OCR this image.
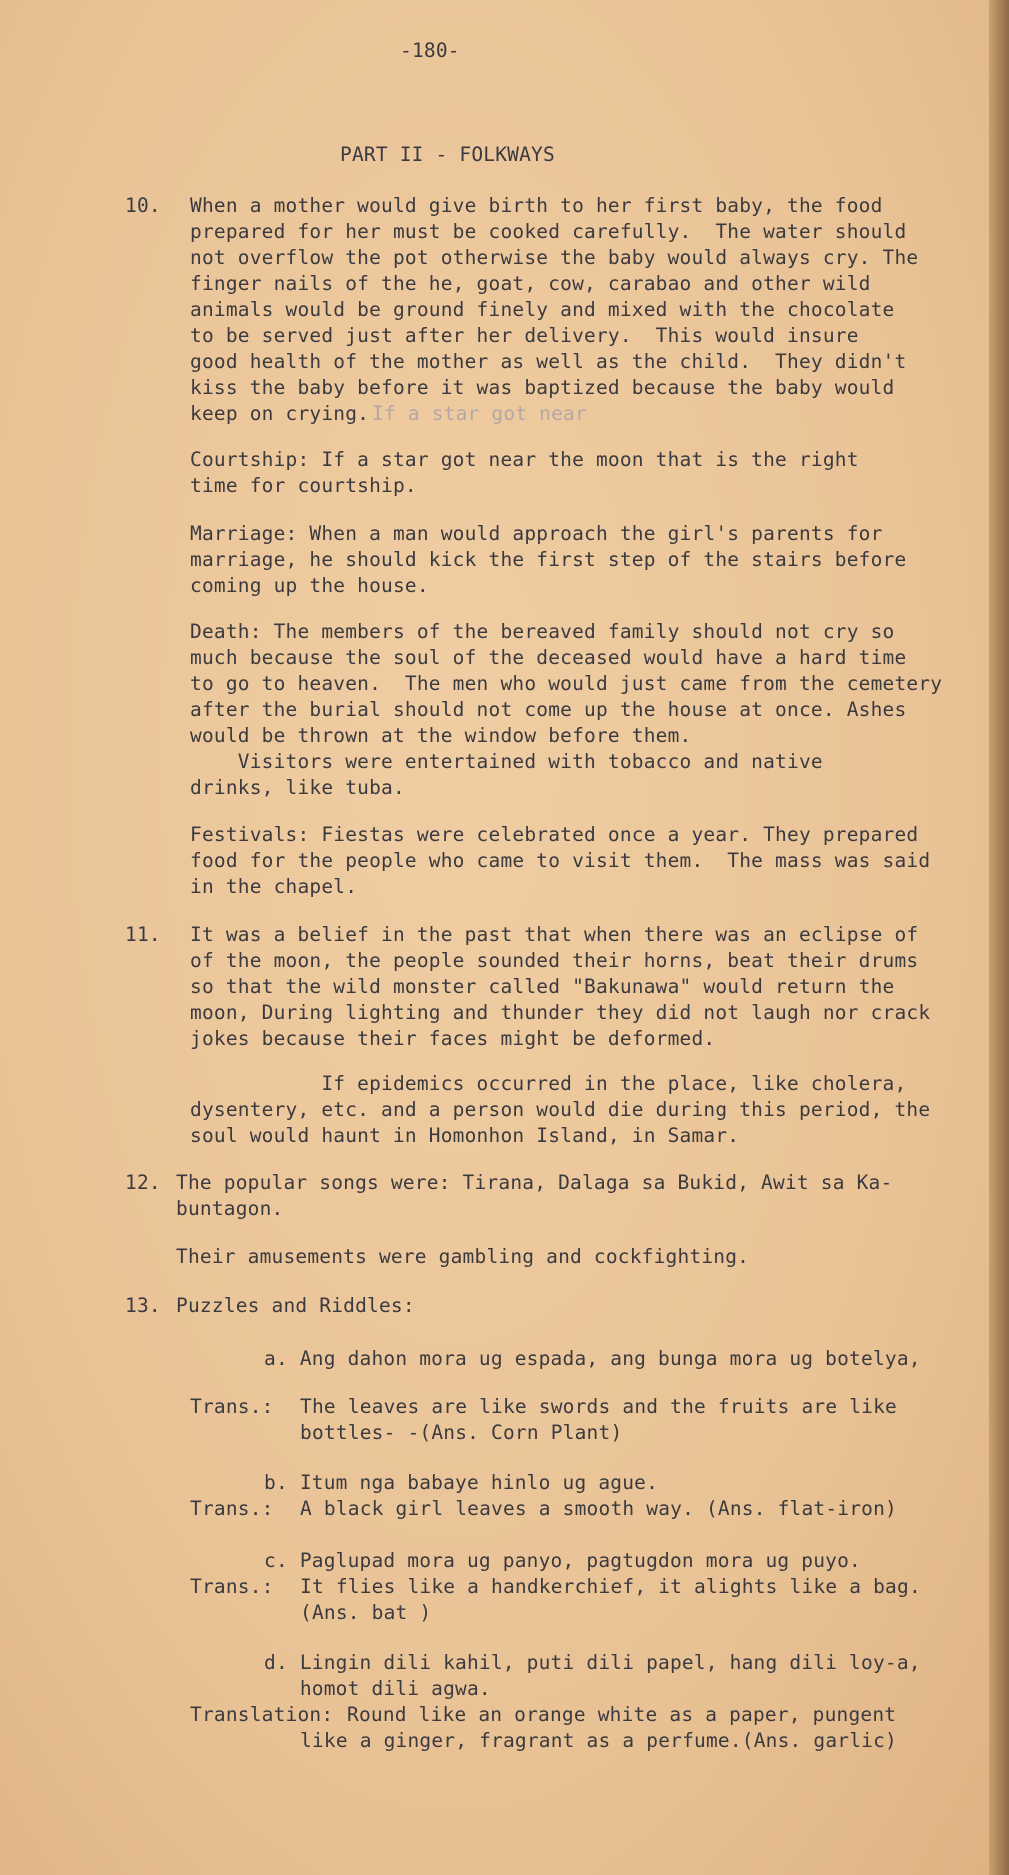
-180-
PART II - FOLKWAYS
10. When a mother would give birth to her first baby, the food
prepared for her must be cooked carefully.  The water should
not overflow the pot otherwise the baby would always cry. The
finger nails of the he, goat, cow, carabao and other wild
animals would be ground finely and mixed with the chocolate
to be served just after her delivery.  This would insure
good health of the mother as well as the child.  They didn't
kiss the baby before it was baptized because the baby would
keep on crying. If a star got near
Courtship: If a star got near the moon that is the right
time for courtship.
Marriage: When a man would approach the girl's parents for
marriage, he should kick the first step of the stairs before
coming up the house.
Death: The members of the bereaved family should not cry so
much because the soul of the deceased would have a hard time
to go to heaven.  The men who would just came from the cemetery
after the burial should not come up the house at once. Ashes
would be thrown at the window before them.
Visitors were entertained with tobacco and native
drinks, like tuba.
Festivals: Fiestas were celebrated once a year. They prepared
food for the people who came to visit them.  The mass was said
in the chapel.
11. It was a belief in the past that when there was an eclipse of
of the moon, the people sounded their horns, beat their drums
so that the wild monster called "Bakunawa" would return the
moon, During lighting and thunder they did not laugh nor crack
jokes because their faces might be deformed.
If epidemics occurred in the place, like cholera,
dysentery, etc. and a person would die during this period, the
soul would haunt in Homonhon Island, in Samar.
12. The popular songs were: Tirana, Dalaga sa Bukid, Awit sa Ka-
buntagon.
Their amusements were gambling and cockfighting.
13. Puzzles and Riddles:
a. Ang dahon mora ug espada, ang bunga mora ug botelya,
Trans.: The leaves are like swords and the fruits are like
bottles- -(Ans. Corn Plant)
b. Itum nga babaye hinlo ug ague.
Trans.: A black girl leaves a smooth way. (Ans. flat-iron)
c. Paglupad mora ug panyo, pagtugdon mora ug puyo.
Trans.: It flies like a handkerchief, it alights like a bag.
(Ans. bat )
d. Lingin dili kahil, puti dili papel, hang dili loy-a,
homot dili agwa.
Translation: Round like an orange white as a paper, pungent
like a ginger, fragrant as a perfume.(Ans. garlic)
